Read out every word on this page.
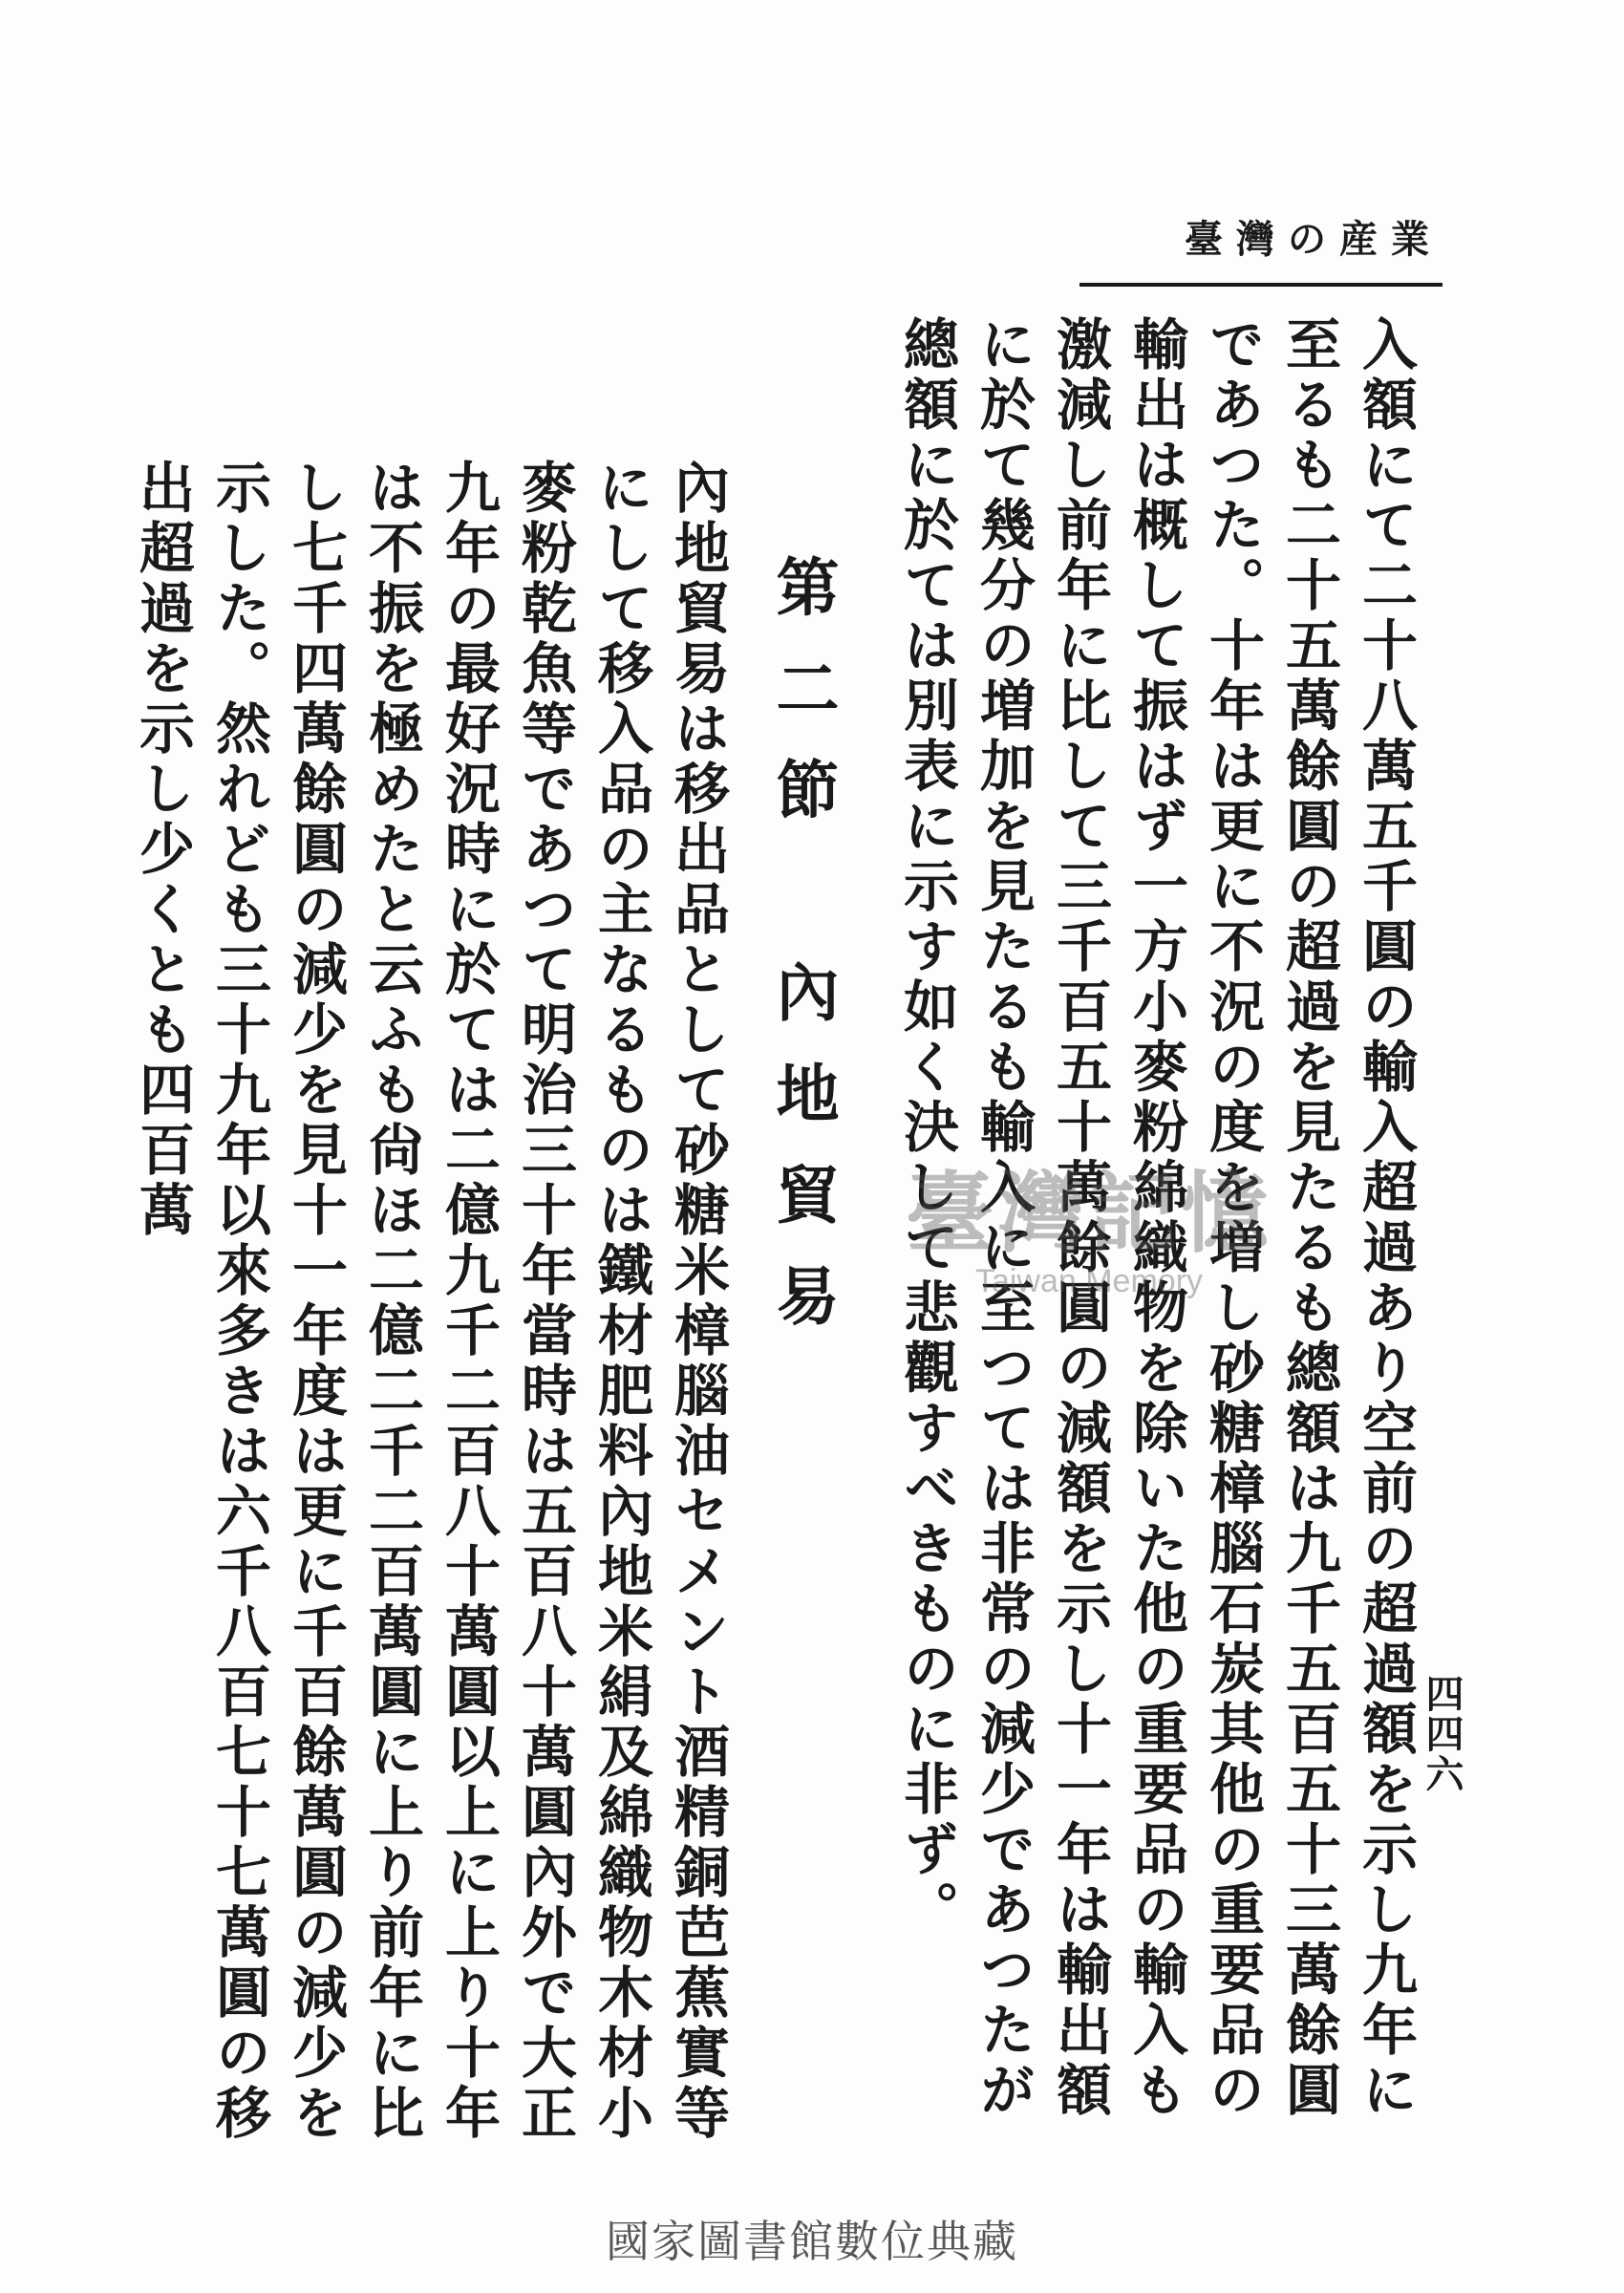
臺灣の産業
四四六

入額にて二十八萬五千圓の輸入超過あり空前の超過額を示し九年に至るも二十五萬餘圓の超過を見たるも總額は九千五百五十三萬餘圓であつた。十年は更に不況の度を増し砂糖樟腦石炭其他の重要品の輸出は概して振はず一方小麥粉綿織物を除いた他の重要品の輸入も激減し前年に比して三千百五十萬餘圓の減額を示し十一年は輸出額に於て幾分の増加を見たるも輸入に至つては非常の減少であつたが總額に於ては別表に示す如く決して悲觀すべきものに非ず。

第二節　內地貿易

內地貿易は移出品として砂糖米樟腦油セメント酒精銅芭蕉實等にして移入品の主なるものは鐵材肥料內地米絹及綿織物木材小麥粉乾魚等であつて明治三十年當時は五百八十萬圓內外で大正九年の最好況時に於ては二億九千二百八十萬圓以上に上り十年は不振を極めたと云ふも尙ほ二億二千二百萬圓に上り前年に比し七千四萬餘圓の減少を見十一年度は更に千百餘萬圓の減少を示した。然れども三十九年以來多きは六千八百七十七萬圓の移出超過を示し少くとも四百萬	臺灣記憶
Taiwan Memory
國家圖書館數位典藏
